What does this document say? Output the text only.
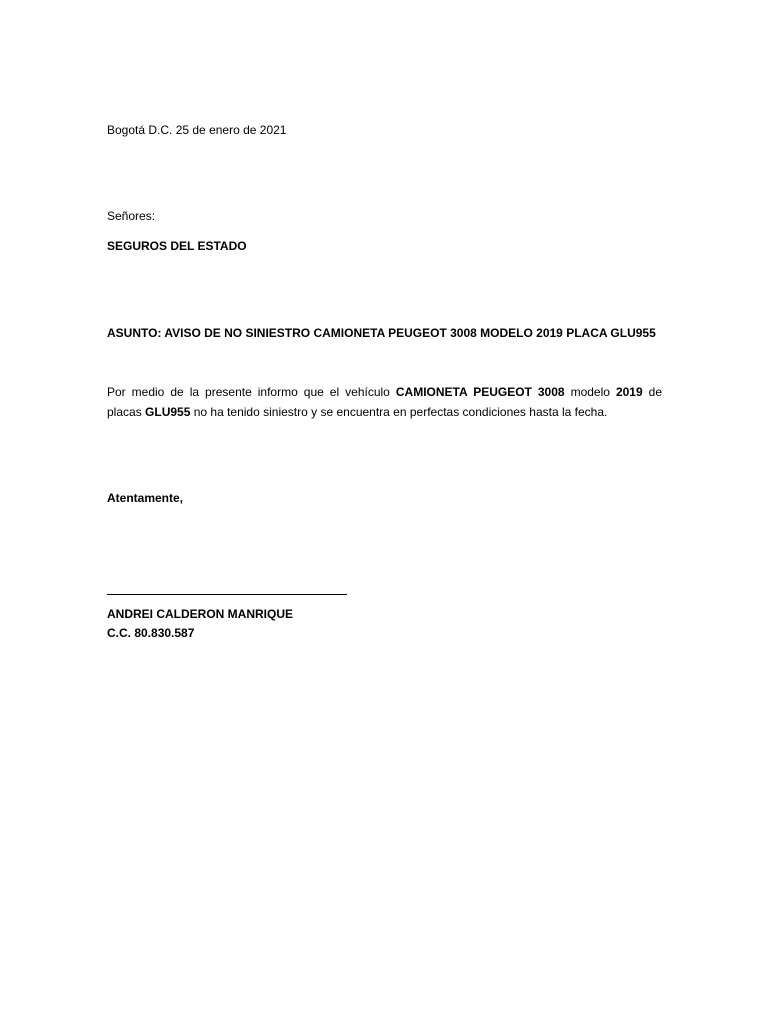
Bogotá D.C. 25 de enero de 2021
Señores:
SEGUROS DEL ESTADO
ASUNTO: AVISO DE NO SINIESTRO CAMIONETA PEUGEOT 3008 MODELO 2019 PLACA GLU955
Por medio de la presente informo que el vehículo CAMIONETA PEUGEOT 3008 modelo 2019 de
placas GLU955 no ha tenido siniestro y se encuentra en perfectas condiciones hasta la fecha.
Atentamente,
ANDREI CALDERON MANRIQUE
C.C. 80.830.587
